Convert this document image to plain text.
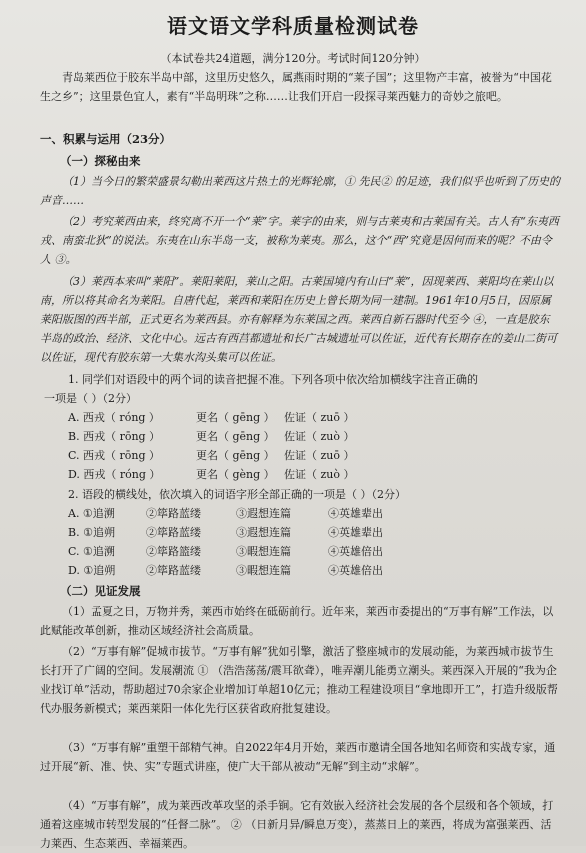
语文语文学科质量检测试卷
（本试卷共24道题，满分120分。考试时间120分钟）
青岛莱西位于胶东半岛中部，这里历史悠久，属燕雨时期的“莱子国”；这里物产丰富，被誉为“中国花生之乡”；这里景色宜人，素有“半岛明珠”之称……让我们开启一段探寻莱西魅力的奇妙之旅吧。
一、积累与运用（23分）
（一）探秘由来
（1）当今日的繁荣盛景勾勒出莱西这片热土的光辉轮廓，① 先民② 的足迹，我们似乎也听到了历史的声音……
（2）考究莱西由来，终究离不开一个“莱”字。莱字的由来，则与古莱夷和古莱国有关。古人有“东夷西戎、南蛮北狄”的说法。东夷在山东半岛一支，被称为莱夷。那么，这个“西”究竟是因何而来的呢？不由令人 ③。
（3）莱西本来叫“莱阳”。莱阳莱阳，莱山之阳。古莱国境内有山曰“莱”，因现莱西、莱阳均在莱山以南，所以将其命名为莱阳。自唐代起，莱西和莱阳在历史上曾长期为同一建制。1961年10月5日，因原属莱阳版图的西半部，正式更名为莱西县。亦有解释为东莱国之西。莱西自新石器时代至今 ④，一直是胶东半岛的政治、经济、文化中心。远古有西莒都遗址和长广古城遗址可以佐证，近代有长期存在的姜山二街可以佐证，现代有胶东第一大集水沟头集可以佐证。
1. 同学们对语段中的两个词的读音把握不准。下列各项中依次给加横线字注音正确的
一项是（ ）（2分）
A. 西戎（ róng ）	更名（ gēng ） 佐证（ zuō ）
B. 西戎（ rōng ）	更名（ gēng ） 佐证（ zuò ）
C. 西戎（ rōng ）	更名（ gēng ） 佐证（ zuō ）
D. 西戎（ róng ）	更名（ gèng ） 佐证（ zuò ）
2. 语段的横线处，依次填入的词语字形全部正确的一项是（ ）（2分）
A. ①追溯	②筚路蓝缕	③遐想连篇	④英雄辈出
B. ①追朔	②筚路蓝缕	③遐想连篇	④英雄辈出
C. ①追溯	②筚路篮缕	③暇想连篇	④英雄倍出
D. ①追朔	②筚路蓝缕	③暇想连篇	④英雄倍出
（二）见证发展
（1）孟夏之日，万物并秀，莱西市始终在砥砺前行。近年来，莱西市委提出的“万事有解”工作法，以此赋能改革创新，推动区域经济社会高质量。
（2）“万事有解”促城市拔节。“万事有解”犹如引擎，激活了整座城市的发展动能，为莱西城市拔节生长打开了广阔的空间。发展潮流 ① （浩浩荡荡/震耳欲聋），唯弄潮儿能勇立潮头。莱西深入开展的“我为企业找订单”活动，帮助超过70余家企业增加订单超10亿元；推动工程建设项目“拿地即开工”，打造升级版帮代办服务新模式；莱西莱阳一体化先行区获省政府批复建设。
（3）“万事有解”重塑干部精气神。自2022年4月开始，莱西市邀请全国各地知名师资和实战专家，通过开展“新、准、快、实”专题式讲座，使广大干部从被动“无解”到主动“求解”。
（4）“万事有解”，成为莱西改革攻坚的杀手锏。它有效嵌入经济社会发展的各个层级和各个领域，打通着这座城市转型发展的“任督二脉”。 ② （日新月异/瞬息万变），蒸蒸日上的莱西，将成为富强莱西、活力莱西、生态莱西、幸福莱西。
